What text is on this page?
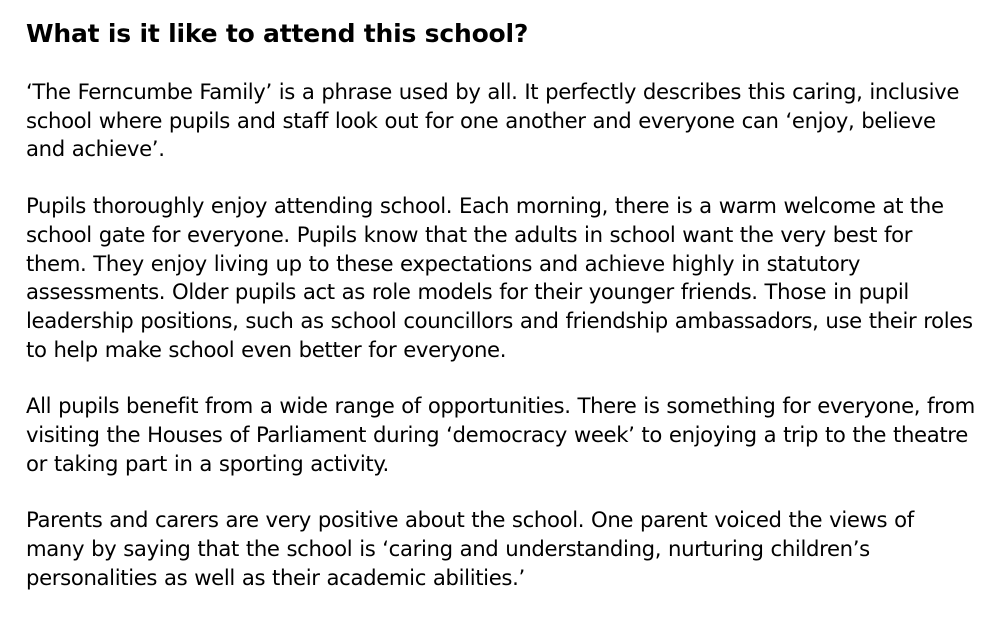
What is it like to attend this school?

‘The Ferncumbe Family’ is a phrase used by all. It perfectly describes this caring, inclusive school where pupils and staff look out for one another and everyone can ‘enjoy, believe and achieve’.

Pupils thoroughly enjoy attending school. Each morning, there is a warm welcome at the school gate for everyone. Pupils know that the adults in school want the very best for them. They enjoy living up to these expectations and achieve highly in statutory assessments. Older pupils act as role models for their younger friends. Those in pupil leadership positions, such as school councillors and friendship ambassadors, use their roles to help make school even better for everyone.

All pupils benefit from a wide range of opportunities. There is something for everyone, from visiting the Houses of Parliament during ‘democracy week’ to enjoying a trip to the theatre or taking part in a sporting activity.

Parents and carers are very positive about the school. One parent voiced the views of many by saying that the school is ‘caring and understanding, nurturing children’s personalities as well as their academic abilities.’
